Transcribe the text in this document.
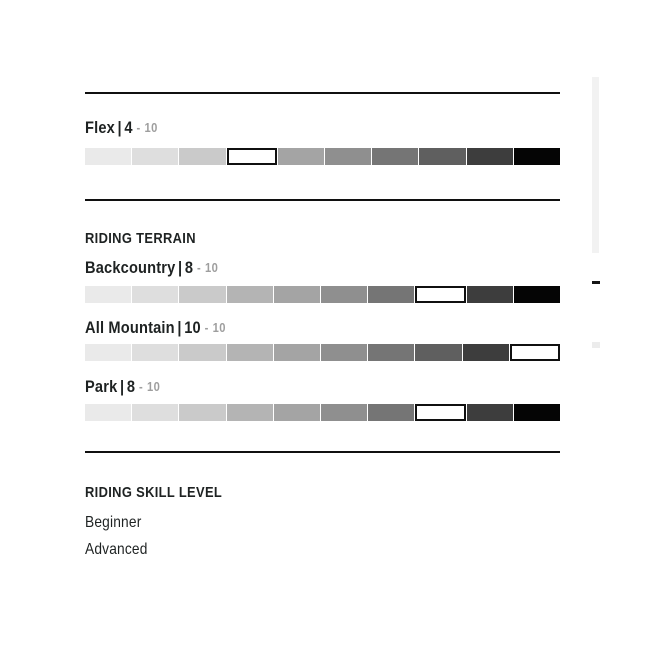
Flex | 4 - 10
RIDING TERRAIN
Backcountry | 8 - 10
All Mountain | 10 - 10
Park | 8 - 10
RIDING SKILL LEVEL
Beginner
Advanced
